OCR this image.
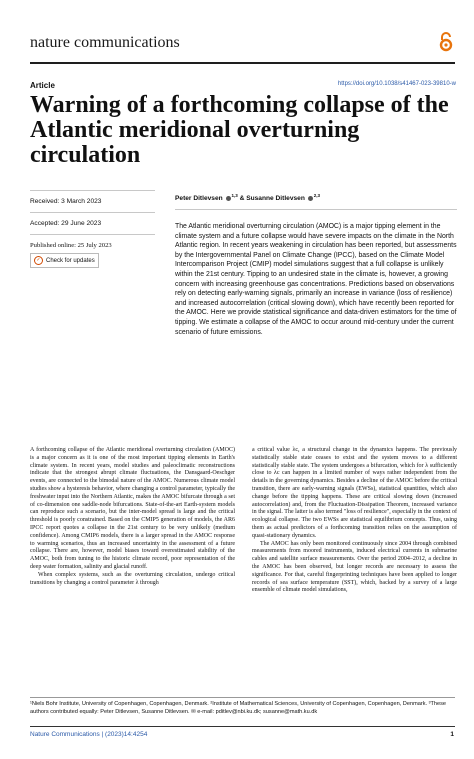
nature communications
Article	https://doi.org/10.1038/s41467-023-39810-w
Warning of a forthcoming collapse of the Atlantic meridional overturning circulation
Received: 3 March 2023
Accepted: 29 June 2023
Published online: 25 July 2023
✓ Check for updates
Peter Ditlevsen $^{1,3}$ & Susanne Ditlevsen $^{2,3}$

The Atlantic meridional overturning circulation (AMOC) is a major tipping element in the climate system and a future collapse would have severe impacts on the climate in the North Atlantic region. In recent years weakening in circulation has been reported, but assessments by the Intergovernmental Panel on Climate Change (IPCC), based on the Climate Model Intercomparison Project (CMIP) model simulations suggest that a full collapse is unlikely within the 21st century. Tipping to an undesired state in the climate is, however, a growing concern with increasing greenhouse gas concentrations. Predictions based on observations rely on detecting early-warning signals, primarily an increase in variance (loss of resilience) and increased autocorrelation (critical slowing down), which have recently been reported for the AMOC. Here we provide statistical significance and data-driven estimators for the time of tipping. We estimate a collapse of the AMOC to occur around mid-century under the current scenario of future emissions.

A forthcoming collapse of the Atlantic meridional overturning circulation (AMOC) is a major concern as it is one of the most important tipping elements in Earth's climate system. In recent years, model studies and paleoclimatic reconstructions indicate that the strongest abrupt climate fluctuations, the Dansgaard-Oeschger events, are connected to the bimodal nature of the AMOC. Numerous climate model studies show a hysteresis behavior, where changing a control parameter, typically the freshwater input into the Northern Atlantic, makes the AMOC bifurcate through a set of co-dimension one saddle-node bifurcations. State-of-the-art Earth-system models can reproduce such a scenario, but the inter-model spread is large and the critical threshold is poorly constrained. Based on the CMIP5 generation of models, the AR6 IPCC report quotes a collapse in the 21st century to be very unlikely (medium confidence). Among CMIP6 models, there is a larger spread in the AMOC response to warming scenarios, thus an increased uncertainty in the assessment of a future collapse. There are, however, model biases toward overestimated stability of the AMOC, both from tuning to the historic climate record, poor representation of the deep water formation, salinity and glacial runoff.

When complex systems, such as the overturning circulation, undergo critical transitions by changing a control parameter λ through

a critical value λc, a structural change in the dynamics happens. The previously statistically stable state ceases to exist and the system moves to a different statistically stable state. The system undergoes a bifurcation, which for λ sufficiently close to λc can happen in a limited number of ways rather independent from the details in the governing dynamics. Besides a decline of the AMOC before the critical transition, there are early-warning signals (EWSs), statistical quantities, which also change before the tipping happens. These are critical slowing down (increased autocorrelation) and, from the Fluctuation-Dissipation Theorem, increased variance in the signal. The latter is also termed "loss of resilience", especially in the context of ecological collapse. The two EWSs are statistical equilibrium concepts. Thus, using them as actual predictors of a forthcoming transition relies on the assumption of quasi-stationary dynamics.

The AMOC has only been monitored continuously since 2004 through combined measurements from moored instruments, induced electrical currents in submarine cables and satellite surface measurements. Over the period 2004–2012, a decline in the AMOC has been observed, but longer records are necessary to assess the significance. For that, careful fingerprinting techniques have been applied to longer records of sea surface temperature (SST), which, backed by a survey of a large ensemble of climate model simulations,

¹Niels Bohr Institute, University of Copenhagen, Copenhagen, Denmark. ²Institute of Mathematical Sciences, University of Copenhagen, Copenhagen, Denmark. ³These authors contributed equally: Peter Ditlevsen, Susanne Ditlevsen. ✉ e-mail: pditlev@nbi.ku.dk; susanne@math.ku.dk

Nature Communications | (2023)14:4254	1
